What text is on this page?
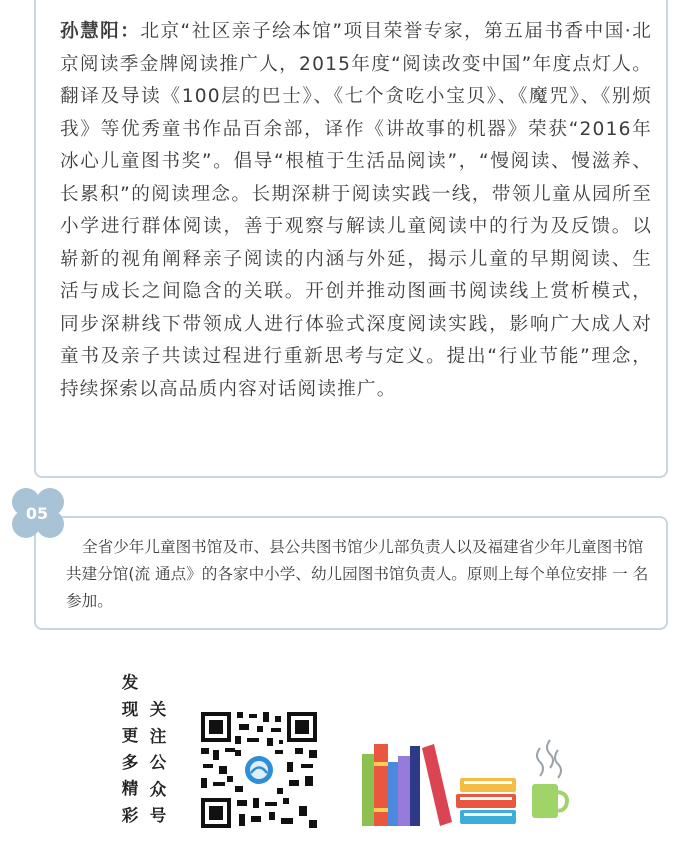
孙慧阳：北京“社区亲子绘本馆”项目荣誉专家，第五届书香中国·北京阅读季金牌阅读推广人，2015年度“阅读改变中国”年度点灯人。翻译及导读《100层的巴士》、《七个贪吃小宝贝》、《魔咒》、《别烦我》等优秀童书作品百余部，译作《讲故事的机器》荣获“2016年冰心儿童图书奖”。倡导“根植于生活品阅读”，“慢阅读、慢滋养、长累积”的阅读理念。长期深耕于阅读实践一线，带领儿童从园所至小学进行群体阅读，善于观察与解读儿童阅读中的行为及反馈。以崭新的视角阐释亲子阅读的内涵与外延，揭示儿童的早期阅读、生活与成长之间隐含的关联。开创并推动图画书阅读线上赏析模式，同步深耕线下带领成人进行体验式深度阅读实践，影响广大成人对童书及亲子共读过程进行重新思考与定义。提出“行业节能”理念，持续探索以高品质内容对话阅读推广。

05

全省少年儿童图书馆及市、县公共图书馆少儿部负责人以及福建省少年儿童图书馆共建分馆(流 通点》的各家中小学、幼儿园图书馆负责人。原则上每个单位安排 一 名参加。

发现更多精彩
关注公众号
